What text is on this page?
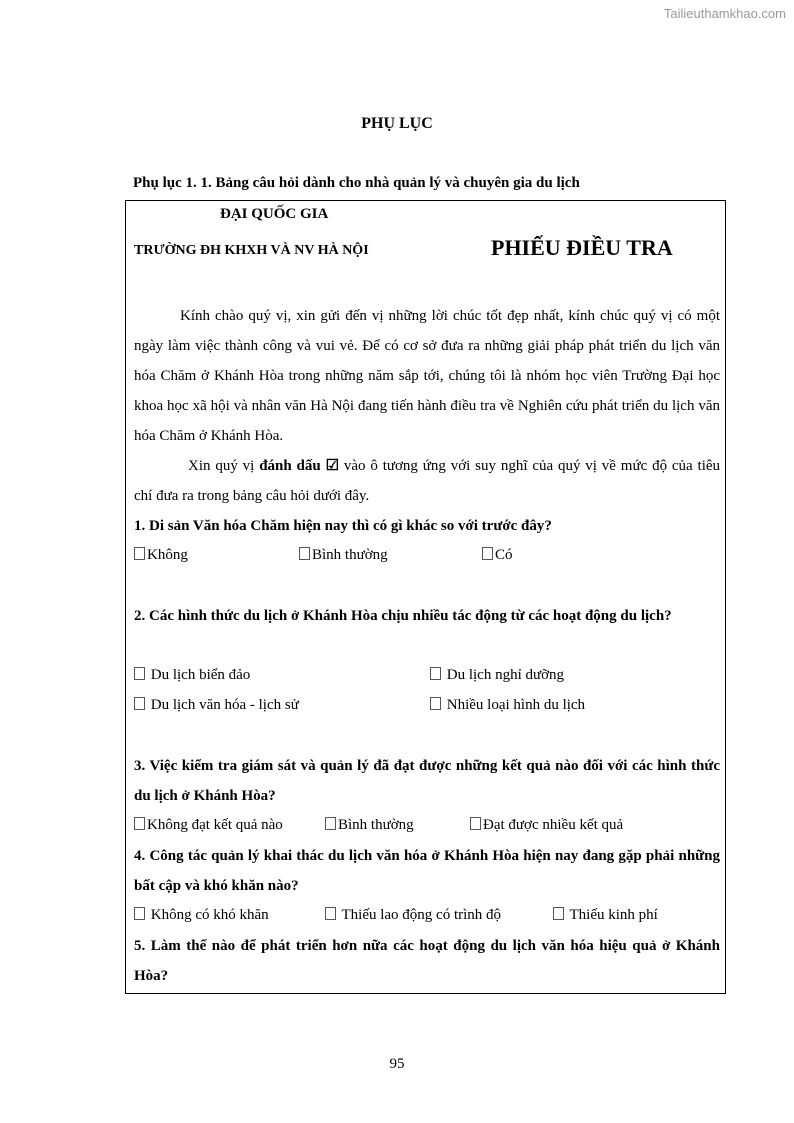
Tailieuthamkhao.com
PHỤ LỤC
Phụ lục 1. 1. Bảng câu hỏi dành cho nhà quản lý và chuyên gia du lịch
ĐẠI QUỐC GIA
TRƯỜNG ĐH KHXH VÀ NV HÀ NỘI	PHIẾU ĐIỀU TRA

Kính chào quý vị, xin gửi đến vị những lời chúc tốt đẹp nhất, kính chúc quý vị có một ngày làm việc thành công và vui vẻ. Để có cơ sở đưa ra những giải pháp phát triển du lịch văn hóa Chăm ở Khánh Hòa trong những năm sắp tới, chúng tôi là nhóm học viên Trường Đại học khoa học xã hội và nhân văn Hà Nội đang tiến hành điều tra về Nghiên cứu phát triển du lịch văn hóa Chăm ở Khánh Hòa.

Xin quý vị đánh dấu ☑ vào ô tương ứng với suy nghĩ của quý vị về mức độ của tiêu chí đưa ra trong bảng câu hỏi dưới đây.

1. Di sản Văn hóa Chăm hiện nay thì có gì khác so với trước đây?
Không	Bình thường	Có
2. Các hình thức du lịch ở Khánh Hòa chịu nhiều tác động từ các hoạt động du lịch?
Du lịch biển đảo	Du lịch nghỉ dưỡng
Du lịch văn hóa - lịch sử	Nhiều loại hình du lịch
3. Việc kiểm tra giám sát và quản lý đã đạt được những kết quả nào đối với các hình thức du lịch ở Khánh Hòa?
Không đạt kết quả nào	Bình thường	Đạt được nhiều kết quả
4. Công tác quản lý khai thác du lịch văn hóa ở Khánh Hòa hiện nay đang gặp phải những bất cập và khó khăn nào?
Không có khó khăn	Thiếu lao động có trình độ	Thiếu kinh phí
5. Làm thế nào để phát triển hơn nữa các hoạt động du lịch văn hóa hiệu quả ở Khánh Hòa?
95
